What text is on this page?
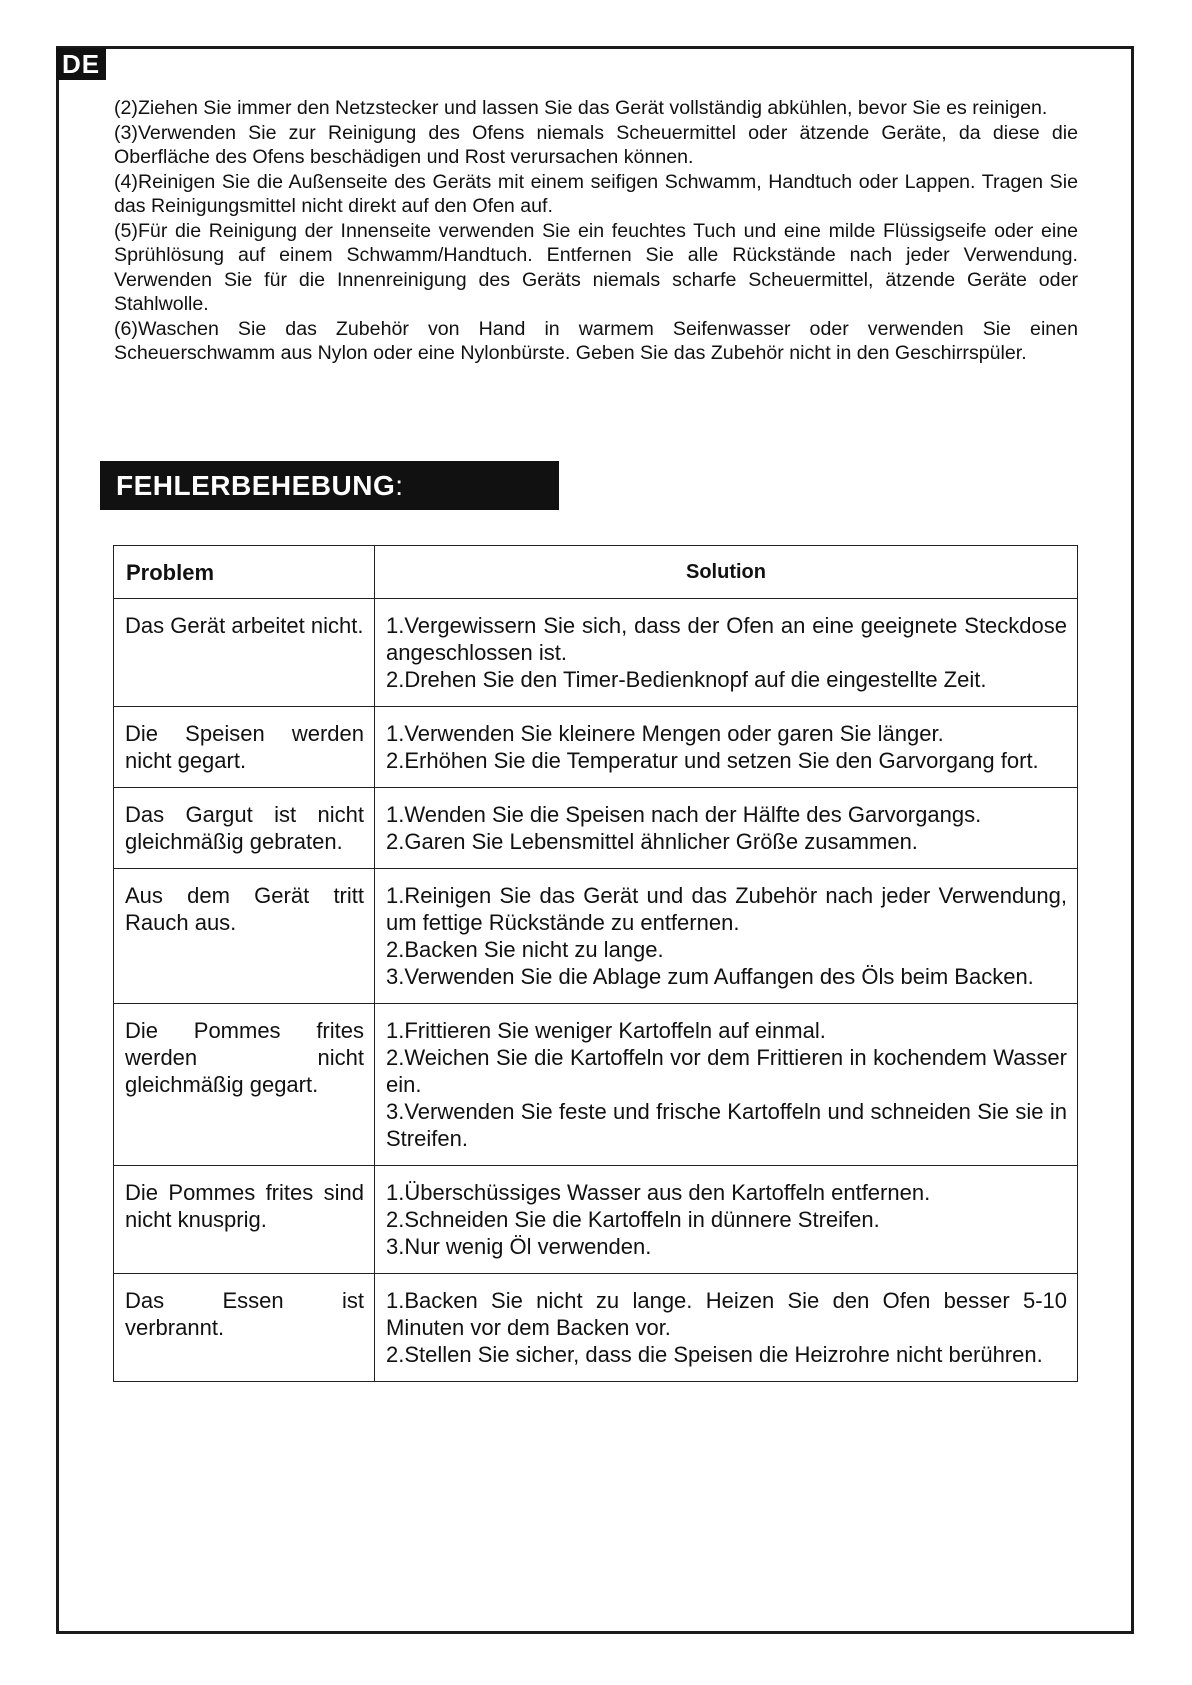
DE

(2)Ziehen Sie immer den Netzstecker und lassen Sie das Gerät vollständig abkühlen, bevor Sie es reinigen.

(3)Verwenden Sie zur Reinigung des Ofens niemals Scheuermittel oder ätzende Geräte, da diese die Oberfläche des Ofens beschädigen und Rost verursachen können.

(4)Reinigen Sie die Außenseite des Geräts mit einem seifigen Schwamm, Handtuch oder Lappen. Tragen Sie das Reinigungsmittel nicht direkt auf den Ofen auf.

(5)Für die Reinigung der Innenseite verwenden Sie ein feuchtes Tuch und eine milde Flüssigseife oder eine Sprühlösung auf einem Schwamm/Handtuch. Entfernen Sie alle Rückstände nach jeder Verwendung. Verwenden Sie für die Innenreinigung des Geräts niemals scharfe Scheuermittel, ätzende Geräte oder Stahlwolle.

(6)Waschen Sie das Zubehör von Hand in warmem Seifenwasser oder verwenden Sie einen Scheuerschwamm aus Nylon oder eine Nylonbürste. Geben Sie das Zubehör nicht in den Geschirrspüler.

FEHLERBEHEBUNG:
Problem	Solution
Das Gerät arbeitet nicht.	1.Vergewissern Sie sich, dass der Ofen an eine geeignete Steckdose angeschlossen ist.
2.Drehen Sie den Timer-Bedienknopf auf die eingestellte Zeit.

Die Speisen werden nicht gegart.	1.Verwenden Sie kleinere Mengen oder garen Sie länger.
2.Erhöhen Sie die Temperatur und setzen Sie den Garvorgang fort.

Das Gargut ist nicht gleichmäßig gebraten.	1.Wenden Sie die Speisen nach der Hälfte des Garvorgangs.
2.Garen Sie Lebensmittel ähnlicher Größe zusammen.

Aus dem Gerät tritt Rauch aus.	1.Reinigen Sie das Gerät und das Zubehör nach jeder Verwendung, um fettige Rückstände zu entfernen.
2.Backen Sie nicht zu lange.
3.Verwenden Sie die Ablage zum Auffangen des Öls beim Backen.

Die Pommes frites werden nicht gleichmäßig gegart.	1.Frittieren Sie weniger Kartoffeln auf einmal.
2.Weichen Sie die Kartoffeln vor dem Frittieren in kochendem Wasser ein.
3.Verwenden Sie feste und frische Kartoffeln und schneiden Sie sie in Streifen.

Die Pommes frites sind nicht knusprig.	1.Überschüssiges Wasser aus den Kartoffeln entfernen.
2.Schneiden Sie die Kartoffeln in dünnere Streifen.
3.Nur wenig Öl verwenden.

Das Essen ist verbrannt.	1.Backen Sie nicht zu lange. Heizen Sie den Ofen besser 5-10 Minuten vor dem Backen vor.
2.Stellen Sie sicher, dass die Speisen die Heizrohre nicht berühren.
